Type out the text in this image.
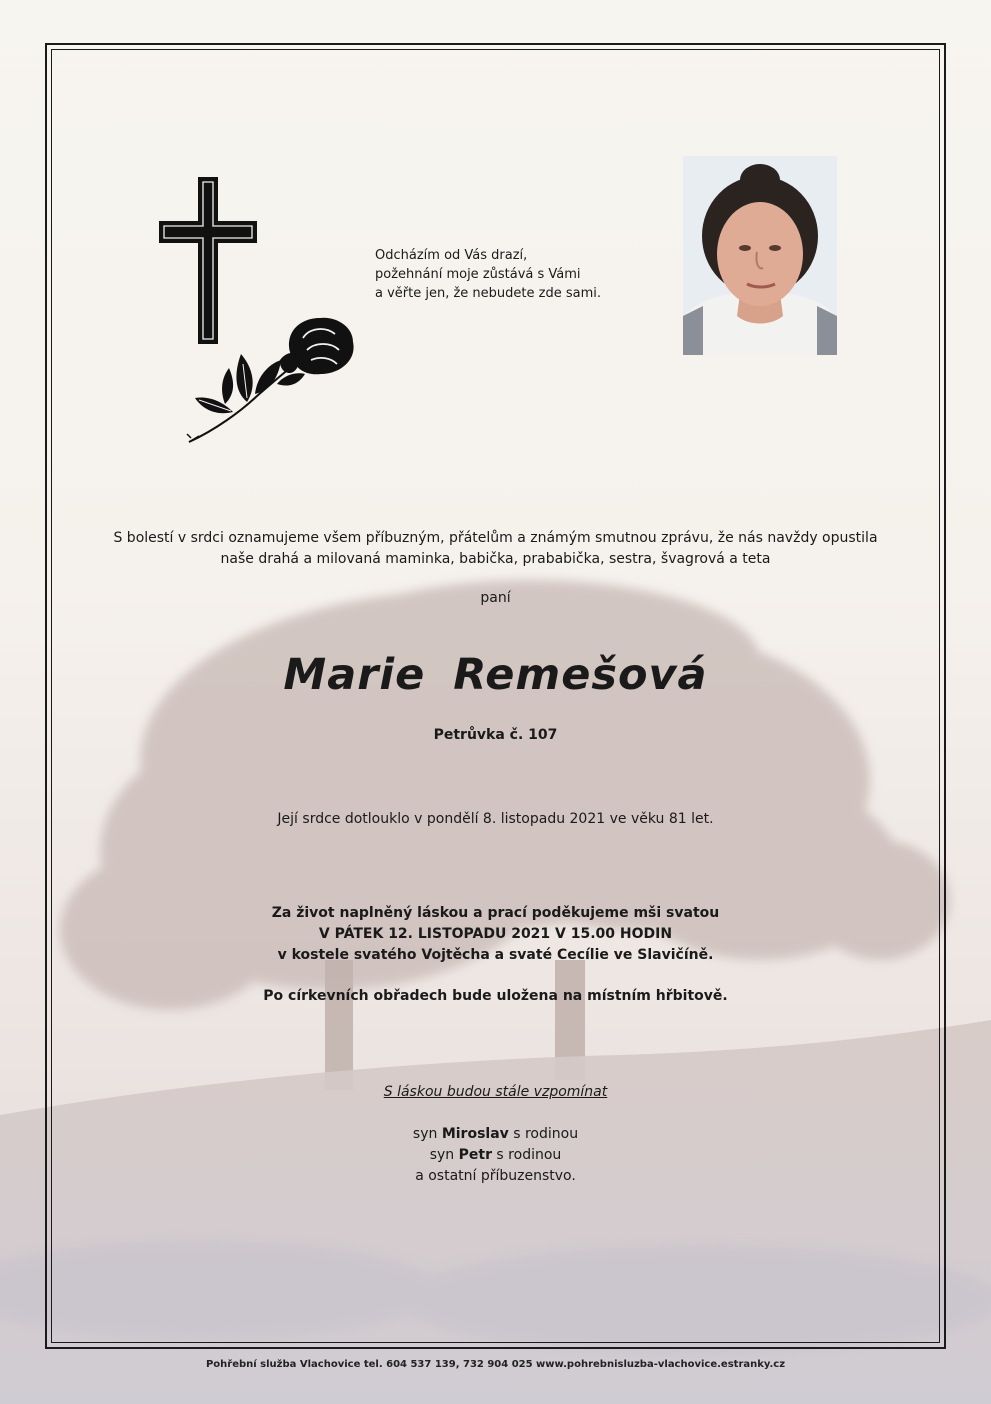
Odcházím od Vás drazí,
požehnání moje zůstává s Vámi
a věřte jen, že nebudete zde sami.
S bolestí v srdci oznamujeme všem příbuzným, přátelům a známým smutnou zprávu, že nás navždy opustila
naše drahá a milovaná maminka, babička, prababička, sestra, švagrová a teta
paní
Marie Remešová
Petrůvka č. 107
Její srdce dotlouklo v pondělí 8. listopadu 2021 ve věku 81 let.
Za život naplněný láskou a prací poděkujeme mši svatou
V PÁTEK 12. LISTOPADU 2021 V 15.00 HODIN
v kostele svatého Vojtěcha a svaté Cecílie ve Slavičíně.
Po církevních obřadech bude uložena na místním hřbitově.
S láskou budou stále vzpomínat
syn Miroslav s rodinou
syn Petr s rodinou
a ostatní příbuzenstvo.
Pohřební služba Vlachovice tel. 604 537 139, 732 904 025 www.pohrebnisluzba-vlachovice.estranky.cz
